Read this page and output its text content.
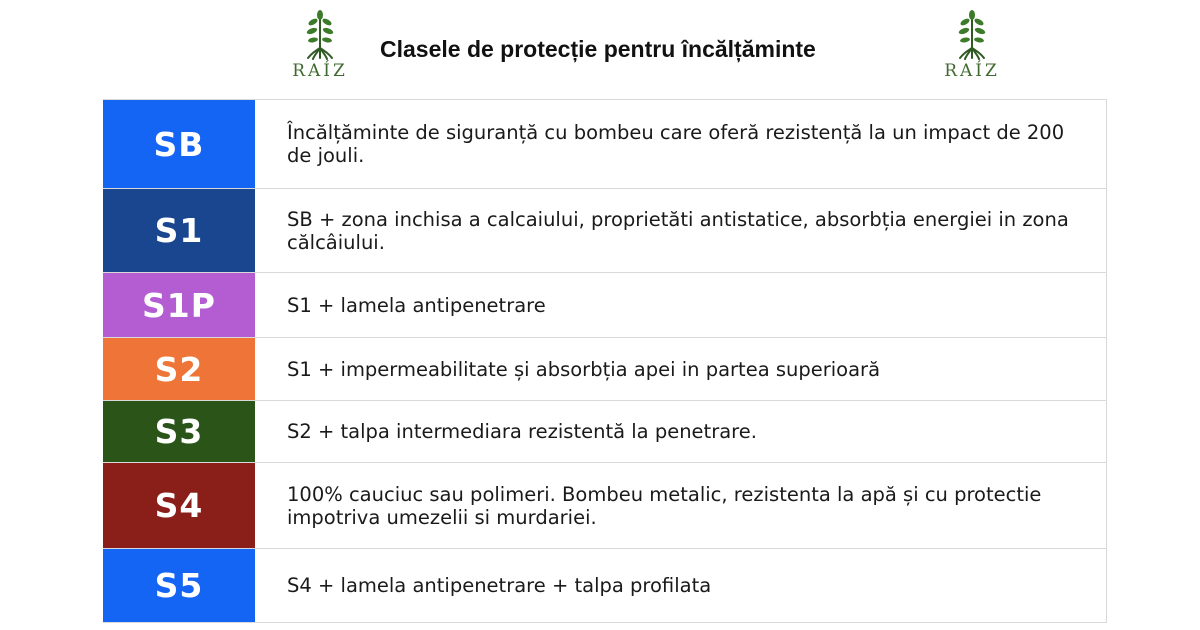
RAÍZ
Clasele de protecție pentru încălțăminte
RAÍZ
SB	Încălțăminte de siguranță cu bombeu care oferă rezistență la un impact de 200 de jouli.
S1	SB + zona inchisa a calcaiului, proprietăti antistatice, absorbția energiei in zona călcâiului.
S1P	S1 + lamela antipenetrare
S2	S1 + impermeabilitate și absorbția apei in partea superioară
S3	S2 + talpa intermediara rezistentă la penetrare.
S4	100% cauciuc sau polimeri. Bombeu metalic, rezistenta la apă și cu protectie impotriva umezelii si murdariei.
S5	S4 + lamela antipenetrare + talpa profilata
